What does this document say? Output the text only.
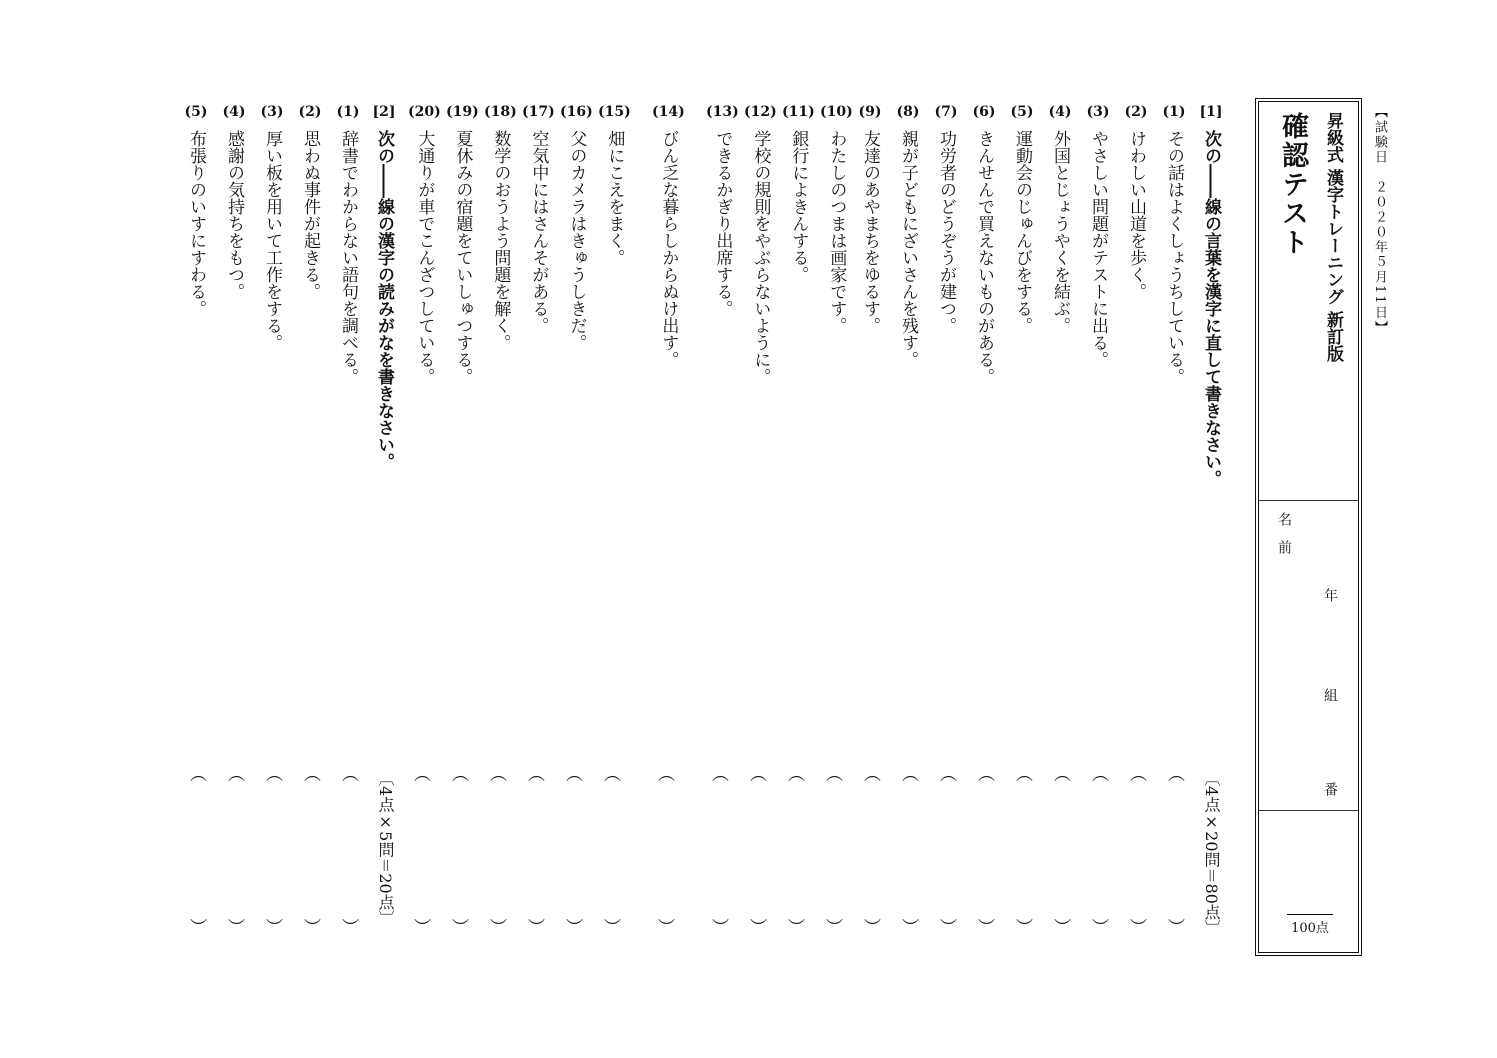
【試験日　２０２０年５月11日】
昇級式 漢字トレーニング 新訂版
確認テスト
名
前
年
組
番
100点
[1]次の――線の言葉を漢字に直して書きなさい。
〔4点×20問＝80点〕
(1)その話はよくしょうちしている。
(2)けわしい山道を歩く。
(3)やさしい問題がテストに出る。
(4)外国とじょうやくを結ぶ。
(5)運動会のじゅんびをする。
(6)きんせんで買えないものがある。
(7)功労者のどうぞうが建つ。
(8)親が子どもにざいさんを残す。
(9)友達のあやまちをゆるす。
(10)わたしのつまは画家です。
(11)銀行によきんする。
(12)学校の規則をやぶらないように。
(13)できるかぎり出席する。
(14)びん乏な暮らしからぬけ出す。
(15)畑にこえをまく。
(16)父のカメラはきゅうしきだ。
(17)空気中にはさんそがある。
(18)数学のおうよう問題を解く。
(19)夏休みの宿題をていしゅつする。
(20)大通りが車でこんざつしている。
[2]次の――線の漢字の読みがなを書きなさい。
〔4点×5問＝20点〕
(1)辞書でわからない語句を調べる。
(2)思わぬ事件が起きる。
(3)厚い板を用いて工作をする。
(4)感謝の気持ちをもつ。
(5)布張りのいすにすわる。
（　　　　　　　　）
（　　　　　　　　）
（　　　　　　　　）
（　　　　　　　　）
（　　　　　　　　）
（　　　　　　　　）
（　　　　　　　　）
（　　　　　　　　）
（　　　　　　　　）
（　　　　　　　　）
（　　　　　　　　）
（　　　　　　　　）
（　　　　　　　　）
（　　　　　　　　）
（　　　　　　　　）
（　　　　　　　　）
（　　　　　　　　）
（　　　　　　　　）
（　　　　　　　　）
（　　　　　　　　）
（　　　　　　　　）
（　　　　　　　　）
（　　　　　　　　）
（　　　　　　　　）
（　　　　　　　　）
